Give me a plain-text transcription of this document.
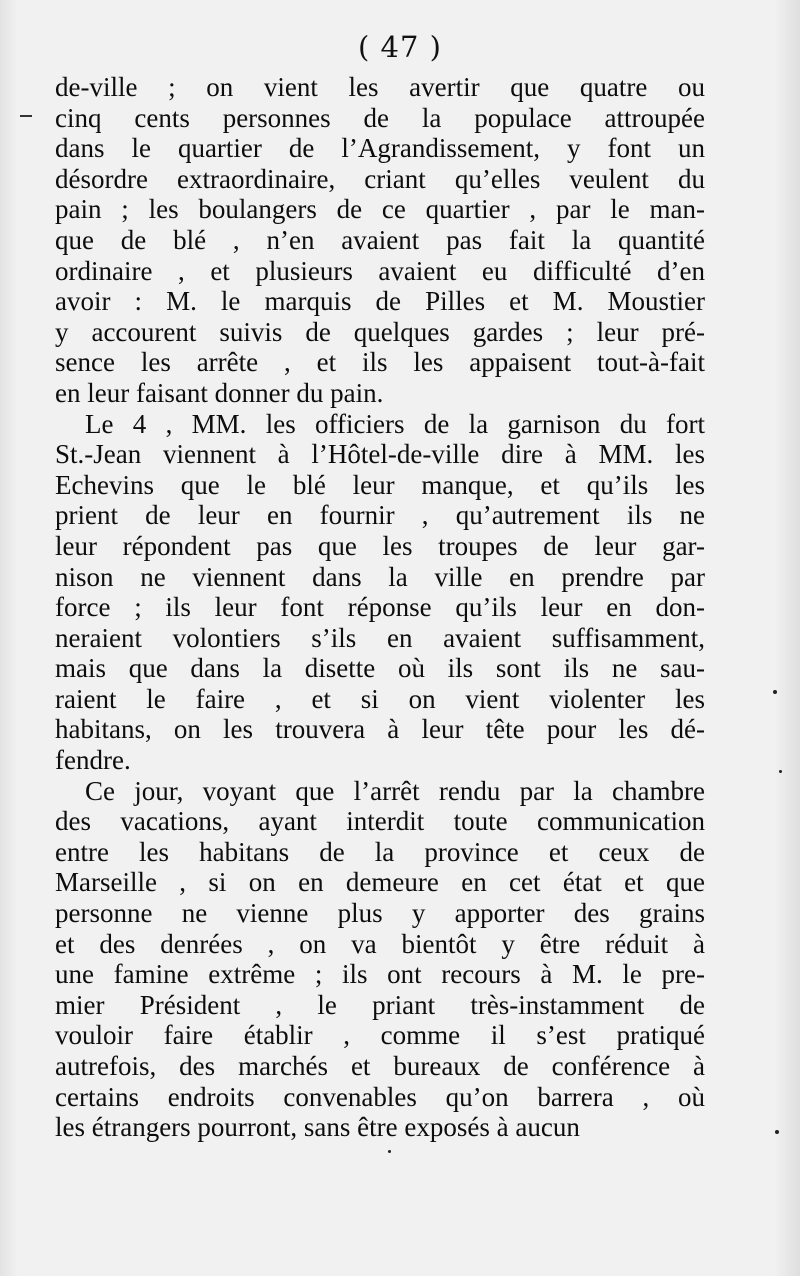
( 47 )
de-ville ; on vient les avertir que quatre ou
cinq cents personnes de la populace attroupée
dans le quartier de l’Agrandissement, y font un
désordre extraordinaire, criant qu’elles veulent du
pain ; les boulangers de ce quartier , par le man-
que de blé , n’en avaient pas fait la quantité
ordinaire , et plusieurs avaient eu difficulté d’en
avoir : M. le marquis de Pilles et M. Moustier
y accourent suivis de quelques gardes ; leur pré-
sence les arrête , et ils les appaisent tout-à-fait
en leur faisant donner du pain.
Le 4 , MM. les officiers de la garnison du fort
St.-Jean viennent à l’Hôtel-de-ville dire à MM. les
Echevins que le blé leur manque, et qu’ils les
prient de leur en fournir , qu’autrement ils ne
leur répondent pas que les troupes de leur gar-
nison ne viennent dans la ville en prendre par
force ; ils leur font réponse qu’ils leur en don-
neraient volontiers s’ils en avaient suffisamment,
mais que dans la disette où ils sont ils ne sau-
raient le faire , et si on vient violenter les
habitans, on les trouvera à leur tête pour les dé-
fendre.
Ce jour, voyant que l’arrêt rendu par la chambre
des vacations, ayant interdit toute communication
entre les habitans de la province et ceux de
Marseille , si on en demeure en cet état et que
personne ne vienne plus y apporter des grains
et des denrées , on va bientôt y être réduit à
une famine extrême ; ils ont recours à M. le pre-
mier Président , le priant très-instamment de
vouloir faire établir , comme il s’est pratiqué
autrefois, des marchés et bureaux de conférence à
certains endroits convenables qu’on barrera , où
les étrangers pourront, sans être exposés à aucun
